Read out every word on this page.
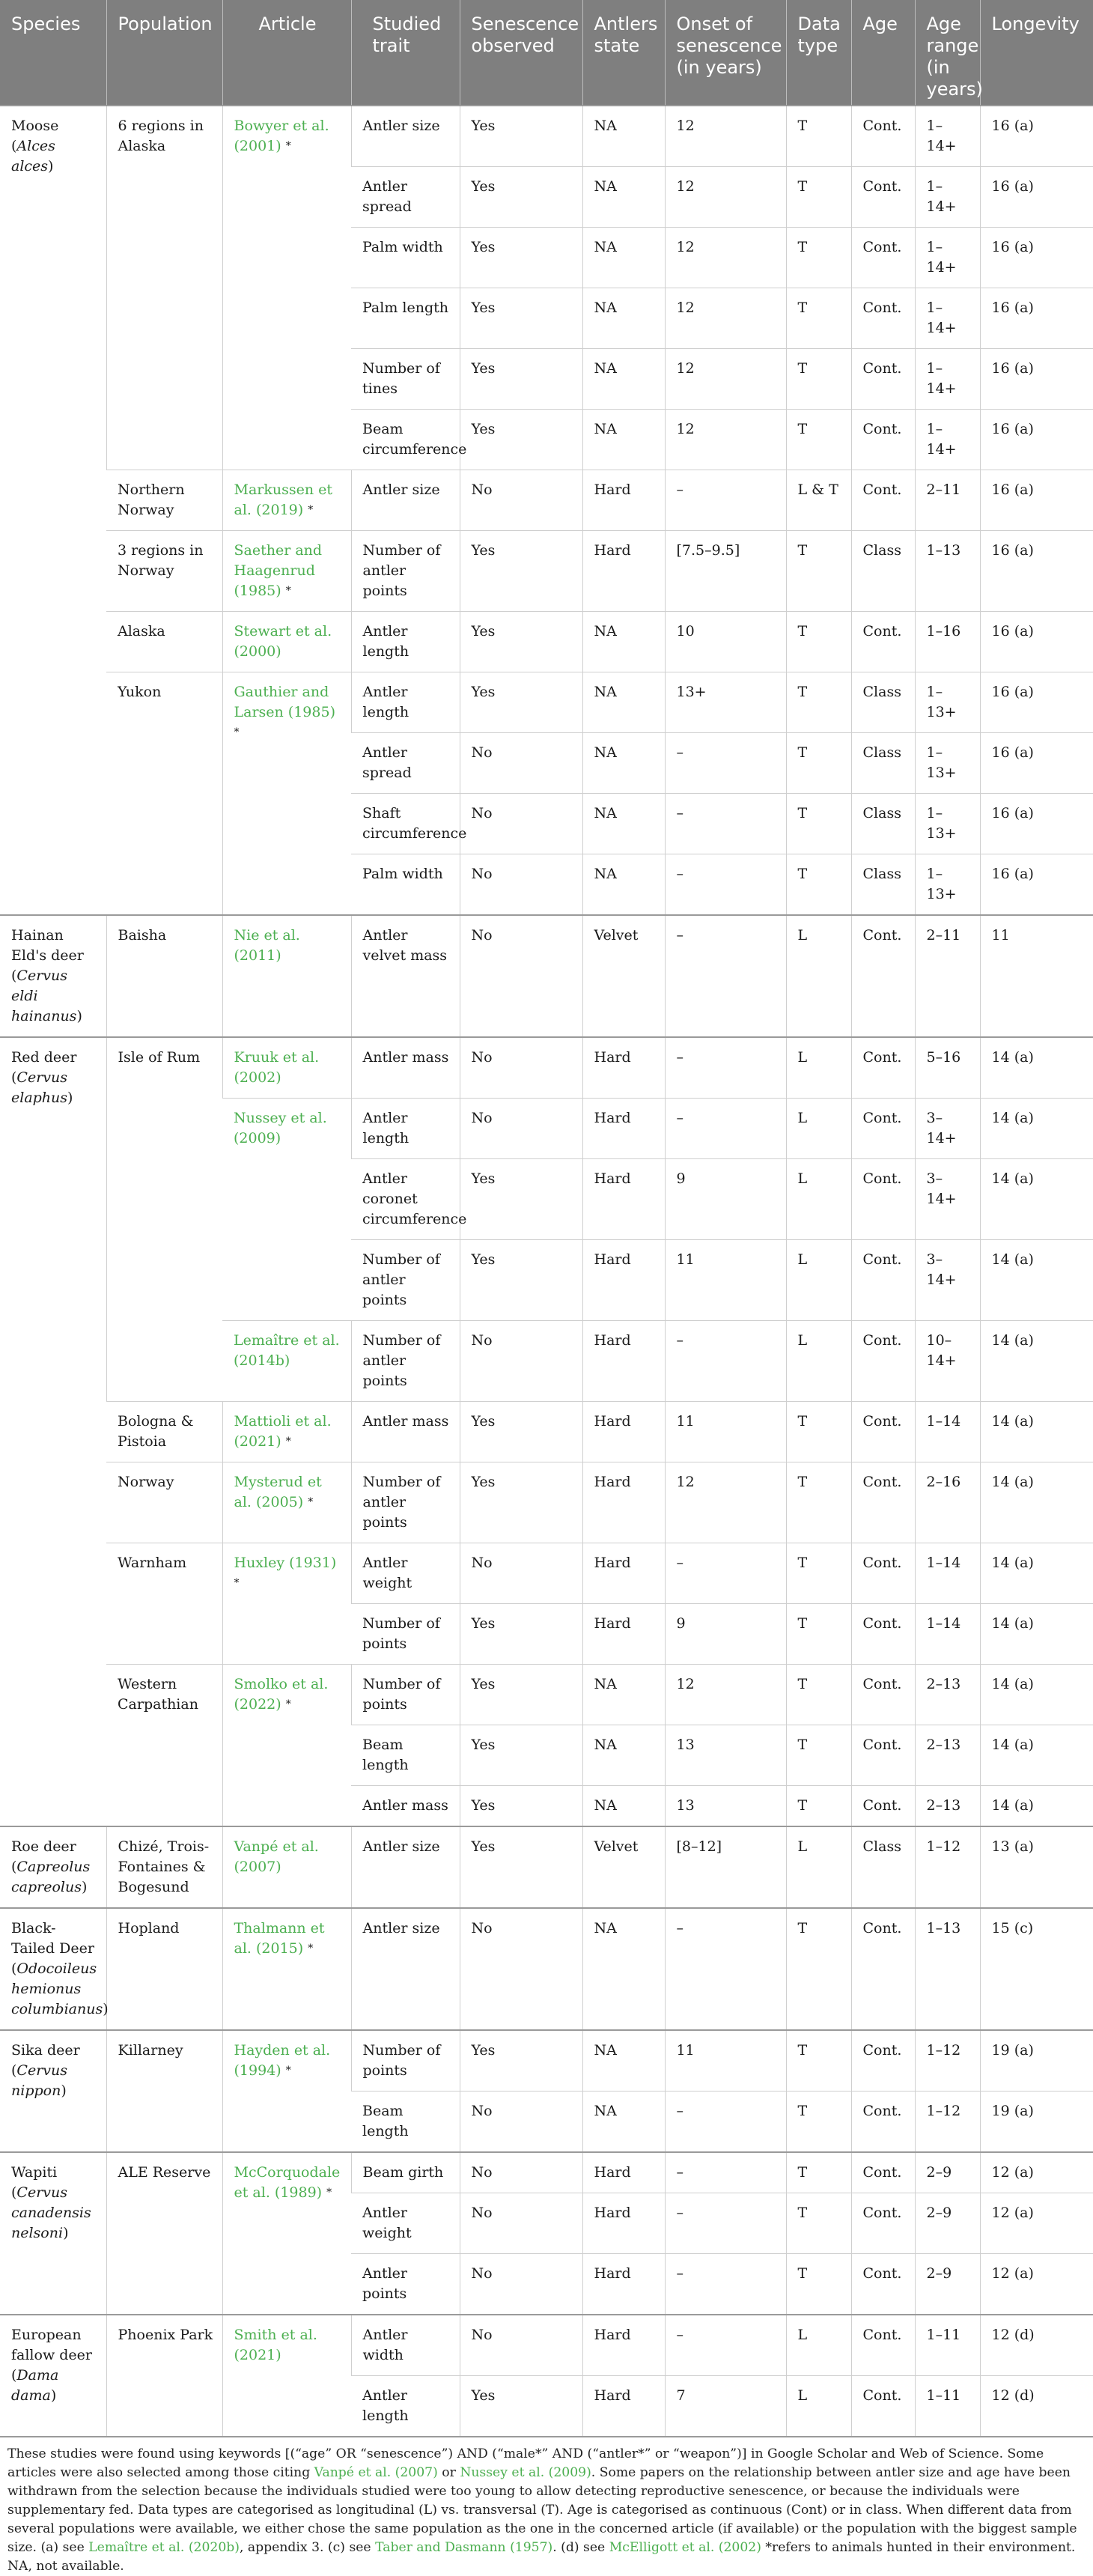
Species	Population	Article	Studied trait	Senescence observed	Antlers state	Onset of senescence (in years)	Data type	Age	Age range (in years)	Longevity
Moose (Alces alces)	6 regions in Alaska	Bowyer et al. (2001) *	Antler size	Yes	NA	12	T	Cont.	1–14+	16 (a)
			Antler spread	Yes	NA	12	T	Cont.	1–14+	16 (a)
			Palm width	Yes	NA	12	T	Cont.	1–14+	16 (a)
			Palm length	Yes	NA	12	T	Cont.	1–14+	16 (a)
			Number of tines	Yes	NA	12	T	Cont.	1–14+	16 (a)
			Beam circumference	Yes	NA	12	T	Cont.	1–14+	16 (a)
	Northern Norway	Markussen et al. (2019) *	Antler size	No	Hard	–	L & T	Cont.	2–11	16 (a)
	3 regions in Norway	Saether and Haagenrud (1985) *	Number of antler points	Yes	Hard	[7.5–9.5]	T	Class	1–13	16 (a)
	Alaska	Stewart et al. (2000)	Antler length	Yes	NA	10	T	Cont.	1–16	16 (a)
	Yukon	Gauthier and Larsen (1985) *	Antler length	Yes	NA	13+	T	Class	1–13+	16 (a)
			Antler spread	No	NA	–	T	Class	1–13+	16 (a)
			Shaft circumference	No	NA	–	T	Class	1–13+	16 (a)
			Palm width	No	NA	–	T	Class	1–13+	16 (a)
Hainan Eld's deer (Cervus eldi hainanus)	Baisha	Nie et al. (2011)	Antler velvet mass	No	Velvet	–	L	Cont.	2–11	11
Red deer (Cervus elaphus)	Isle of Rum	Kruuk et al. (2002)	Antler mass	No	Hard	–	L	Cont.	5–16	14 (a)
		Nussey et al. (2009)	Antler length	No	Hard	–	L	Cont.	3–14+	14 (a)
			Antler coronet circumference	Yes	Hard	9	L	Cont.	3–14+	14 (a)
			Number of antler points	Yes	Hard	11	L	Cont.	3–14+	14 (a)
		Lemaître et al. (2014b)	Number of antler points	No	Hard	–	L	Cont.	10–14+	14 (a)
	Bologna & Pistoia	Mattioli et al. (2021) *	Antler mass	Yes	Hard	11	T	Cont.	1–14	14 (a)
	Norway	Mysterud et al. (2005) *	Number of antler points	Yes	Hard	12	T	Cont.	2–16	14 (a)
	Warnham	Huxley (1931) *	Antler weight	No	Hard	–	T	Cont.	1–14	14 (a)
			Number of points	Yes	Hard	9	T	Cont.	1–14	14 (a)
	Western Carpathian	Smolko et al. (2022) *	Number of points	Yes	NA	12	T	Cont.	2–13	14 (a)
			Beam length	Yes	NA	13	T	Cont.	2–13	14 (a)
			Antler mass	Yes	NA	13	T	Cont.	2–13	14 (a)
Roe deer (Capreolus capreolus)	Chizé, Trois-Fontaines & Bogesund	Vanpé et al. (2007)	Antler size	Yes	Velvet	[8–12]	L	Class	1–12	13 (a)
Black-Tailed Deer (Odocoileus hemionus columbianus)	Hopland	Thalmann et al. (2015) *	Antler size	No	NA	–	T	Cont.	1–13	15 (c)
Sika deer (Cervus nippon)	Killarney	Hayden et al. (1994) *	Number of points	Yes	NA	11	T	Cont.	1–12	19 (a)
			Beam length	No	NA	–	T	Cont.	1–12	19 (a)
Wapiti (Cervus canadensis nelsoni)	ALE Reserve	McCorquodale et al. (1989) *	Beam girth	No	Hard	–	T	Cont.	2–9	12 (a)
			Antler weight	No	Hard	–	T	Cont.	2–9	12 (a)
			Antler points	No	Hard	–	T	Cont.	2–9	12 (a)
European fallow deer (Dama dama)	Phoenix Park	Smith et al. (2021)	Antler width	No	Hard	–	L	Cont.	1–11	12 (d)
			Antler length	Yes	Hard	7	L	Cont.	1–11	12 (d)
These studies were found using keywords [(“age” OR “senescence”) AND (“male*” AND (“antler*” or “weapon”)] in Google Scholar and Web of Science. Some articles were also selected among those citing Vanpé et al. (2007) or Nussey et al. (2009). Some papers on the relationship between antler size and age have been withdrawn from the selection because the individuals studied were too young to allow detecting reproductive senescence, or because the individuals were supplementary fed. Data types are categorised as longitudinal (L) vs. transversal (T). Age is categorised as continuous (Cont) or in class. When different data from several populations were available, we either chose the same population as the one in the concerned article (if available) or the population with the biggest sample size. (a) see Lemaître et al. (2020b), appendix 3. (c) see Taber and Dasmann (1957). (d) see McElligott et al. (2002) *refers to animals hunted in their environment. NA, not available.
